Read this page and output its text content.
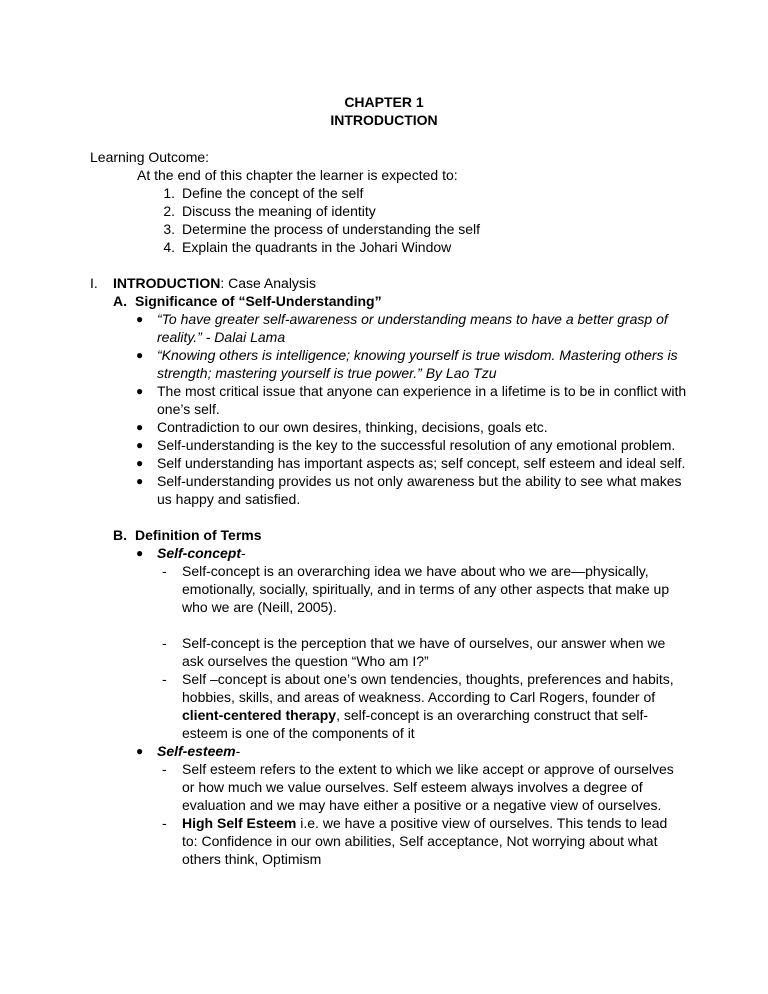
CHAPTER 1
INTRODUCTION
Learning Outcome:
At the end of this chapter the learner is expected to:
1. Define the concept of the self
2. Discuss the meaning of identity
3. Determine the process of understanding the self
4. Explain the quadrants in the Johari Window
I. INTRODUCTION: Case Analysis
A. Significance of “Self-Understanding”
● “To have greater self-awareness or understanding means to have a better grasp of reality.” - Dalai Lama
● “Knowing others is intelligence; knowing yourself is true wisdom. Mastering others is strength; mastering yourself is true power.” By Lao Tzu
● The most critical issue that anyone can experience in a lifetime is to be in conflict with one’s self.
● Contradiction to our own desires, thinking, decisions, goals etc.
● Self-understanding is the key to the successful resolution of any emotional problem.
● Self understanding has important aspects as; self concept, self esteem and ideal self.
● Self-understanding provides us not only awareness but the ability to see what makes us happy and satisfied.
B. Definition of Terms
● Self-concept-
- Self-concept is an overarching idea we have about who we are—physically, emotionally, socially, spiritually, and in terms of any other aspects that make up who we are (Neill, 2005).
- Self-concept is the perception that we have of ourselves, our answer when we ask ourselves the question “Who am I?”
- Self –concept is about one’s own tendencies, thoughts, preferences and habits, hobbies, skills, and areas of weakness. According to Carl Rogers, founder of client-centered therapy, self-concept is an overarching construct that self-esteem is one of the components of it
● Self-esteem-
- Self esteem refers to the extent to which we like accept or approve of ourselves or how much we value ourselves. Self esteem always involves a degree of evaluation and we may have either a positive or a negative view of ourselves.
- High Self Esteem i.e. we have a positive view of ourselves. This tends to lead to: Confidence in our own abilities, Self acceptance, Not worrying about what others think, Optimism
